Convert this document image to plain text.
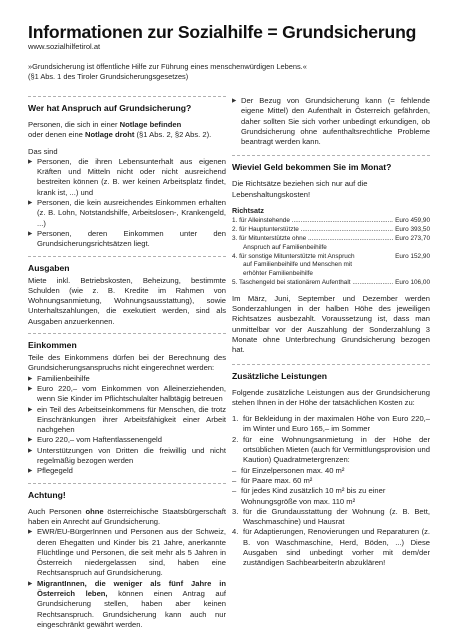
Informationen zur Sozialhilfe = Grundsicherung
www.sozialhilfetirol.at
»Grundsicherung ist öffentliche Hilfe zur Führung eines menschenwürdigen Lebens.«
(§1 Abs. 1 des Tiroler Grundsicherungsgesetzes)
Wer hat Anspruch auf Grundsicherung?

Personen, die sich in einer Notlage befinden
oder denen eine Notlage droht (§1 Abs. 2, §2 Abs. 2).

Das sind
▶ Personen, die ihren Lebensunterhalt aus eigenen Kräften und Mitteln nicht oder nicht ausreichend bestreiten können (z. B. wer keinen Arbeitsplatz findet, krank ist, ...) und
▶ Personen, die kein ausreichendes Einkommen erhalten (z. B. Lohn, Notstandshilfe, Arbeitslosen-, Krankengeld, ...)
▶ Personen, deren Einkommen unter den Grundsicherungsrichtsätzen liegt.
Ausgaben

Miete inkl. Betriebskosten, Beheizung, bestimmte Schulden (wie z. B. Kredite im Rahmen von Wohnungsanmietung, Wohnungsausstattung), sowie Unterhaltszahlungen, die exekutiert werden, sind als Ausgaben anzuerkennen.

Einkommen
Teile des Einkommens dürfen bei der Berechnung des Grundsicherungsanspruchs nicht eingerechnet werden:
▶ Familienbeihilfe
▶ Euro 220,– vom Einkommen von Alleinerziehenden, wenn Sie Kinder im Pflichtschulalter halbtägig betreuen
▶ ein Teil des Arbeitseinkommens für Menschen, die trotz Einschränkungen ihrer Arbeitsfähigkeit einer Arbeit nachgehen
▶ Euro 220,– vom Haftentlassenengeld
▶ Unterstützungen von Dritten die freiwillig und nicht regelmäßig bezogen werden
▶ Pflegegeld
Achtung!
Auch Personen ohne österreichische Staatsbürgerschaft haben ein Anrecht auf Grundsicherung.
▶ EWR/EU-BürgerInnen und Personen aus der Schweiz, deren Ehegatten und Kinder bis 21 Jahre, anerkannte Flüchtlinge und Personen, die seit mehr als 5 Jahren in Österreich niedergelassen sind, haben eine Rechtsanspruch auf Grundsicherung.
▶ MigrantInnen, die weniger als fünf Jahre in Österreich leben, können einen Antrag auf Grundsicherung stellen, haben aber keinen Rechtsanspruch. Grundsicherung kann auch nur eingeschränkt gewährt werden.
▶ Der Bezug von Grundsicherung kann (= fehlende eigene Mittel) den Aufenthalt in Österreich gefährden, daher sollten Sie sich vorher unbedingt erkundigen, ob Grundsicherung ohne aufenthaltsrechtliche Probleme beantragt werden kann.
Wieviel Geld bekommen Sie im Monat?

Die Richtsätze beziehen sich nur auf die Lebenshaltungskosten!

Richtsatz
1. für Alleinstehende .....	Euro 459,90
2. für Hauptunterstützte .....	Euro 393,50
3. für Mitunterstützte ohne .....	Euro 273,70
Anspruch auf Familienbeihilfe
4. für sonstige Mitunterstützte mit Anspruch	Euro 152,90
auf Familienbeihilfe und Menschen mit
erhöhter Familienbeihilfe
5. Taschengeld bei stationärem Aufenthalt .....	Euro 106,00

Im März, Juni, September und Dezember werden Sonderzahlungen in der halben Höhe des jeweiligen Richtsatzes ausbezahlt. Voraussetzung ist, dass man unmittelbar vor der Auszahlung der Sonderzahlung 3 Monate ohne Unterbrechung Grundsicherung bezogen hat.

Zusätzliche Leistungen

Folgende zusätzliche Leistungen aus der Grundsicherung stehen Ihnen in der Höhe der tatsächlichen Kosten zu:

1. für Bekleidung in der maximalen Höhe von Euro 220,– im Winter und Euro 165,– im Sommer
2. für eine Wohnungsanmietung in der Höhe der ortsüblichen Mieten (auch für Vermittlungsprovision und Kaution) Quadratmetergrenzen:
– für Einzelpersonen max. 40 m²
– für Paare max. 60 m²
– für jedes Kind zusätzlich 10 m² bis zu einer Wohnungsgröße von max. 110 m²
3. für die Grundausstattung der Wohnung (z. B. Bett, Waschmaschine) und Hausrat
4. für Adaptierungen, Renovierungen und Reparaturen (z. B. von Waschmaschine, Herd, Böden, ...) Diese Ausgaben sind unbedingt vorher mit dem/der zuständigen SachbearbeiterIn abzuklären!
